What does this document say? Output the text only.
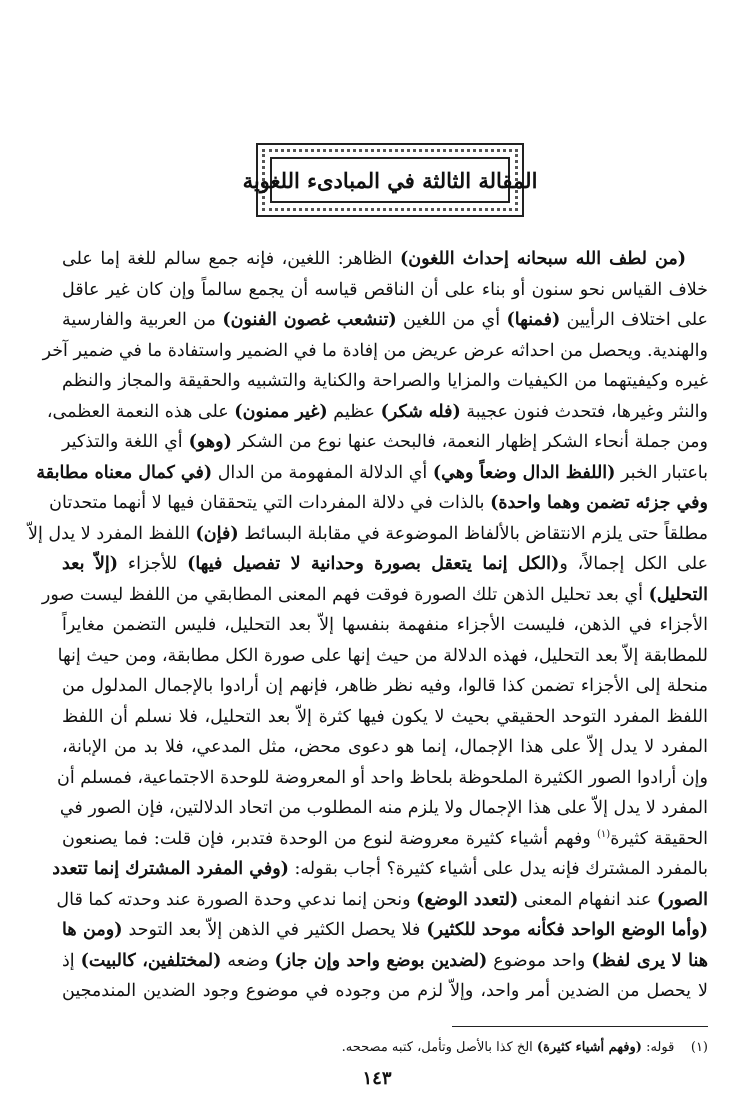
المقالة الثالثة في المبادىء اللغوية
(من لطف الله سبحانه إحداث اللغون) الظاهر: اللغين، فإنه جمع سالم للغة إما على
خلاف القياس نحو سنون أو بناء على أن الناقص قياسه أن يجمع سالماً وإن كان غير عاقل
على اختلاف الرأيين (فمنها) أي من اللغين (تنشعب غصون الفنون) من العربية والفارسية
والهندية. ويحصل من احداثه عرض عريض من إفادة ما في الضمير واستفادة ما في ضمير آخر
غيره وكيفيتهما من الكيفيات والمزايا والصراحة والكناية والتشبيه والحقيقة والمجاز والنظم
والنثر وغيرها، فتحدث فنون عجيبة (فله شكر) عظيم (غير ممنون) على هذه النعمة العظمى،
ومن جملة أنحاء الشكر إظهار النعمة، فالبحث عنها نوع من الشكر (وهو) أي اللغة والتذكير
باعتبار الخبر (اللفظ الدال وضعاً وهي) أي الدلالة المفهومة من الدال (في كمال معناه مطابقة
وفي جزئه تضمن وهما واحدة) بالذات في دلالة المفردات التي يتحققان فيها لا أنهما متحدتان
مطلقاً حتى يلزم الانتقاض بالألفاظ الموضوعة في مقابلة البسائط (فإن) اللفظ المفرد لا يدل إلاّ
على الكل إجمالاً، و(الكل إنما يتعقل بصورة وحدانية لا تفصيل فيها) للأجزاء (إلاّ بعد
التحليل) أي بعد تحليل الذهن تلك الصورة فوقت فهم المعنى المطابقي من اللفظ ليست صور
الأجزاء في الذهن، فليست الأجزاء منفهمة بنفسها إلاّ بعد التحليل، فليس التضمن مغايراً
للمطابقة إلاّ بعد التحليل، فهذه الدلالة من حيث إنها على صورة الكل مطابقة، ومن حيث إنها
منحلة إلى الأجزاء تضمن كذا قالوا، وفيه نظر ظاهر، فإنهم إن أرادوا بالإجمال المدلول من
اللفظ المفرد التوحد الحقيقي بحيث لا يكون فيها كثرة إلاّ بعد التحليل، فلا نسلم أن اللفظ
المفرد لا يدل إلاّ على هذا الإجمال، إنما هو دعوى محض، مثل المدعي، فلا بد من الإبانة،
وإن أرادوا الصور الكثيرة الملحوظة بلحاظ واحد أو المعروضة للوحدة الاجتماعية، فمسلم أن
المفرد لا يدل إلاّ على هذا الإجمال ولا يلزم منه المطلوب من اتحاد الدلالتين، فإن الصور في
الحقيقة كثيرة$^{(١)}$ وفهم أشياء كثيرة معروضة لنوع من الوحدة فتدبر، فإن قلت: فما يصنعون
بالمفرد المشترك فإنه يدل على أشياء كثيرة؟ أجاب بقوله: (وفي المفرد المشترك إنما تتعدد
الصور) عند انفهام المعنى (لتعدد الوضع) ونحن إنما ندعي وحدة الصورة عند وحدته كما قال
(وأما الوضع الواحد فكأنه موحد للكثير) فلا يحصل الكثير في الذهن إلاّ بعد التوحد (ومن ها
هنا لا يرى لفظ) واحد موضوع (لضدين بوضع واحد وإن جاز) وضعه (لمختلفين، كالبيت) إذ
لا يحصل من الضدين أمر واحد، وإلاّ لزم من وجوده في موضوع وجود الضدين المندمجين
(١)    قوله: (وفهم أشياء كثيرة) الخ كذا بالأصل وتأمل، كتبه مصححه.
١٤٣
